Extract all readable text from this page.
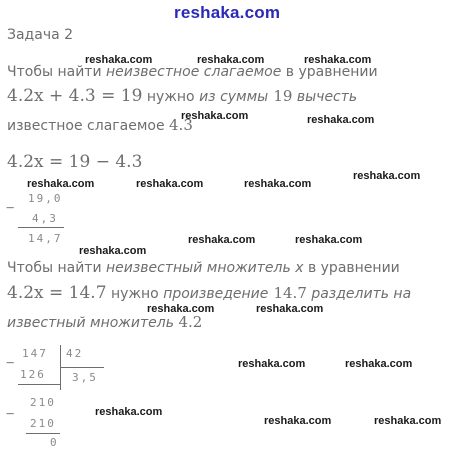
reshaka.com
Задача 2
reshaka.com	reshaka.com	reshaka.com
reshaka.com	reshaka.com
reshaka.com
reshaka.com	reshaka.com	reshaka.com
reshaka.com	reshaka.com
reshaka.com
reshaka.com	reshaka.com
reshaka.com	reshaka.com
reshaka.com
reshaka.com	reshaka.com
Чтобы найти неизвестное слагаемое в уравнении
4.2x + 4.3 = 19 нужно из суммы 19 вычесть
известное слагаемое 4.3
4.2x = 19 − 4.3
−
19,0
4,3
14,7
Чтобы найти неизвестный множитель x в уравнении
4.2x = 14.7 нужно произведение 14.7 разделить на
известный множитель 4.2
−
147 42
126 3,5
−
210
210
0
